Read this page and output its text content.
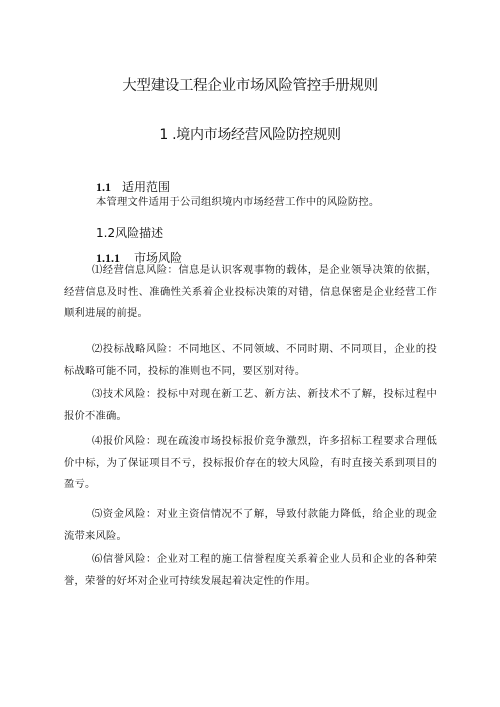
大型建设工程企业市场风险管控手册规则
1 .境内市场经营风险防控规则
1.1 适用范围

本管理文件适用于公司组织境内市场经营工作中的风险防控。

1.2风险描述
1.1.1 市场风险

⑴经营信息风险：信息是认识客观事物的载体，是企业领导决策的依据，经营信息及时性、准确性关系着企业投标决策的对错，信息保密是企业经营工作顺利进展的前提。

⑵投标战略风险：不同地区、不同领域、不同时期、不同项目，企业的投标战略可能不同，投标的准则也不同，要区别对待。

⑶技术风险：投标中对现在新工艺、新方法、新技术不了解，投标过程中报价不准确。

⑷报价风险：现在疏浚市场投标报价竞争激烈，许多招标工程要求合理低价中标，为了保证项目不亏，投标报价存在的较大风险，有时直接关系到项目的盈亏。

⑸资金风险：对业主资信情况不了解，导致付款能力降低，给企业的现金流带来风险。

⑹信誉风险：企业对工程的施工信誉程度关系着企业人员和企业的各种荣誉，荣誉的好坏对企业可持续发展起着决定性的作用。
